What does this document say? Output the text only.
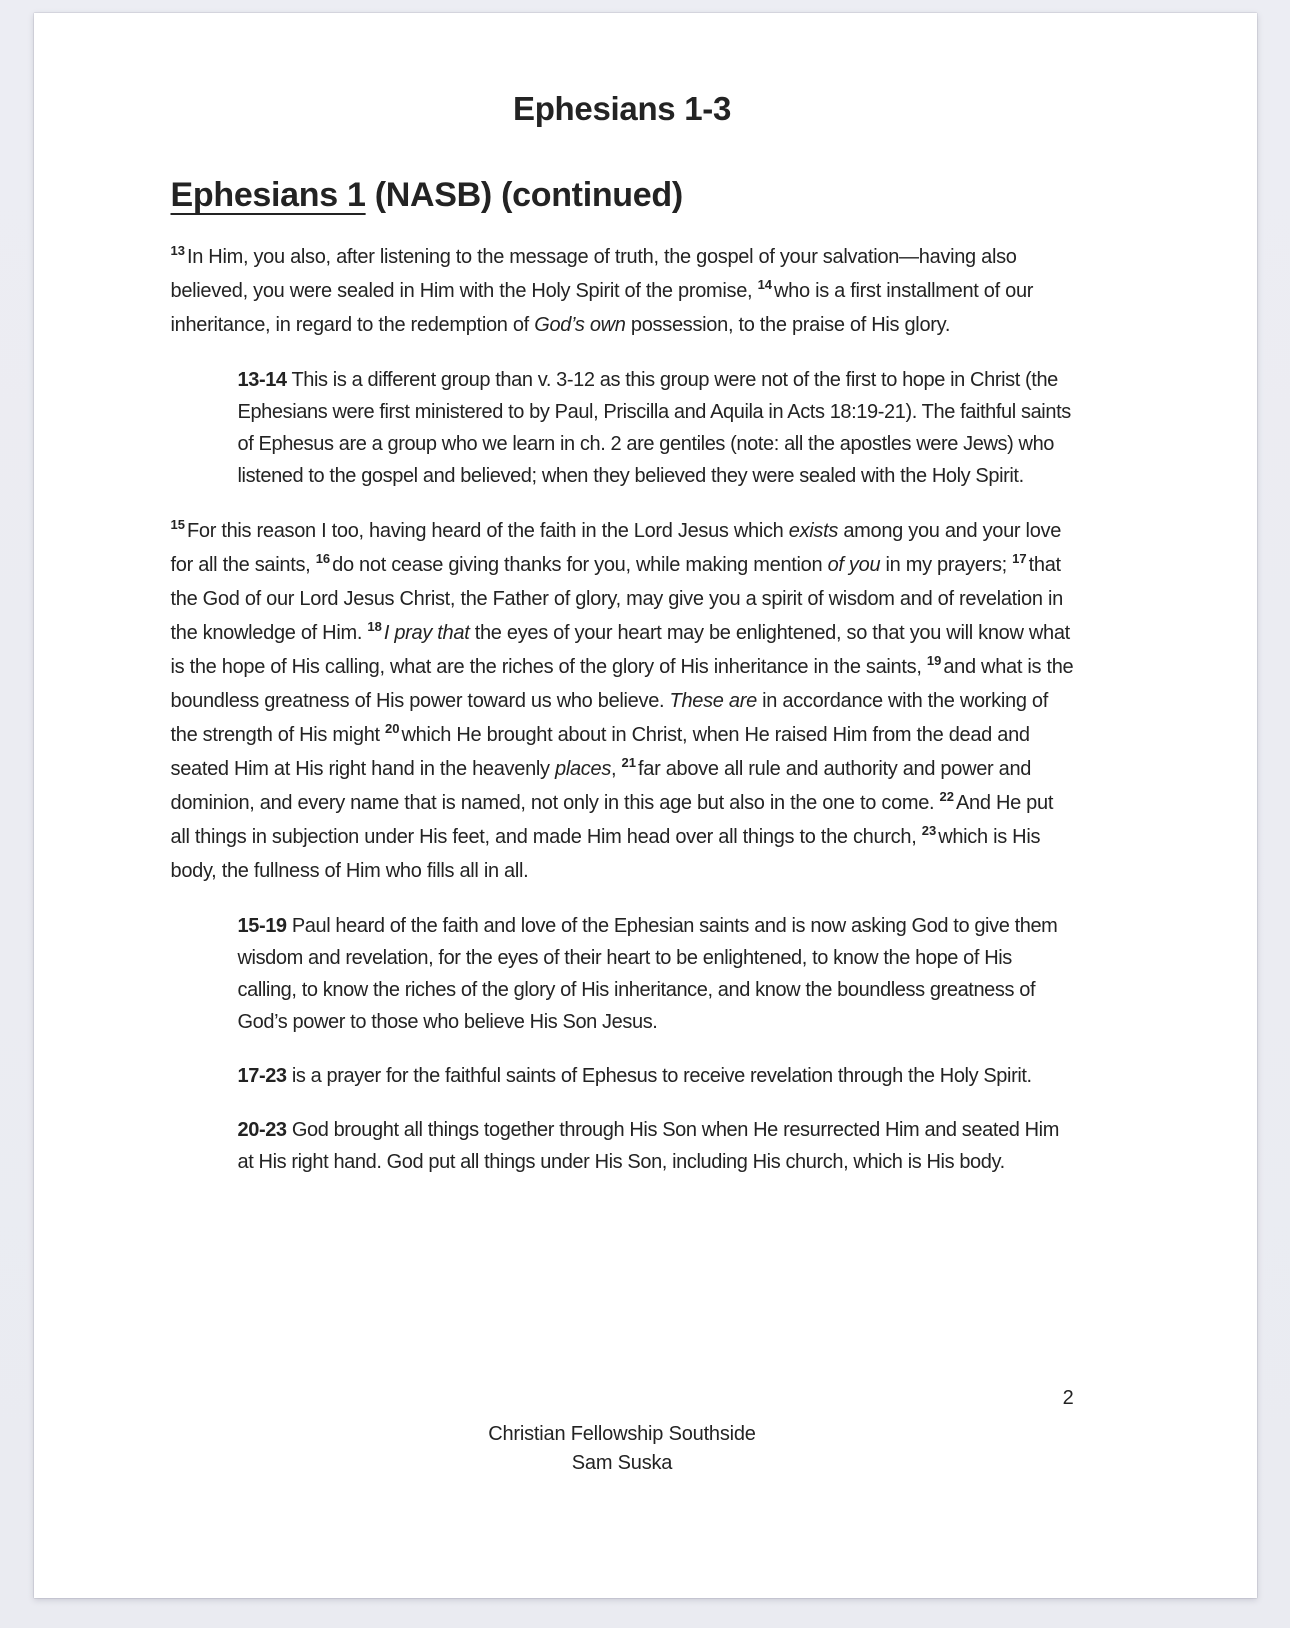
Ephesians 1-3
Ephesians 1 (NASB) (continued)

$^{13}$ In Him, you also, after listening to the message of truth, the gospel of your salvation—having also believed, you were sealed in Him with the Holy Spirit of the promise, $^{14}$ who is a first installment of our inheritance, in regard to the redemption of God’s own possession, to the praise of His glory.

13-14 This is a different group than v. 3-12 as this group were not of the first to hope in Christ (the Ephesians were first ministered to by Paul, Priscilla and Aquila in Acts 18:19-21). The faithful saints of Ephesus are a group who we learn in ch. 2 are gentiles (note: all the apostles were Jews) who listened to the gospel and believed; when they believed they were sealed with the Holy Spirit.

$^{15}$ For this reason I too, having heard of the faith in the Lord Jesus which exists among you and your love for all the saints, $^{16}$ do not cease giving thanks for you, while making mention of you in my prayers; $^{17}$ that the God of our Lord Jesus Christ, the Father of glory, may give you a spirit of wisdom and of revelation in the knowledge of Him. $^{18}$ I pray that the eyes of your heart may be enlightened, so that you will know what is the hope of His calling, what are the riches of the glory of His inheritance in the saints, $^{19}$ and what is the boundless greatness of His power toward us who believe. These are in accordance with the working of the strength of His might $^{20}$ which He brought about in Christ, when He raised Him from the dead and seated Him at His right hand in the heavenly places, $^{21}$ far above all rule and authority and power and dominion, and every name that is named, not only in this age but also in the one to come. $^{22}$ And He put all things in subjection under His feet, and made Him head over all things to the church, $^{23}$ which is His body, the fullness of Him who fills all in all.

15-19 Paul heard of the faith and love of the Ephesian saints and is now asking God to give them wisdom and revelation, for the eyes of their heart to be enlightened, to know the hope of His calling, to know the riches of the glory of His inheritance, and know the boundless greatness of God’s power to those who believe His Son Jesus.

17-23 is a prayer for the faithful saints of Ephesus to receive revelation through the Holy Spirit.

20-23 God brought all things together through His Son when He resurrected Him and seated Him at His right hand. God put all things under His Son, including His church, which is His body.

2
Christian Fellowship Southside
Sam Suska
